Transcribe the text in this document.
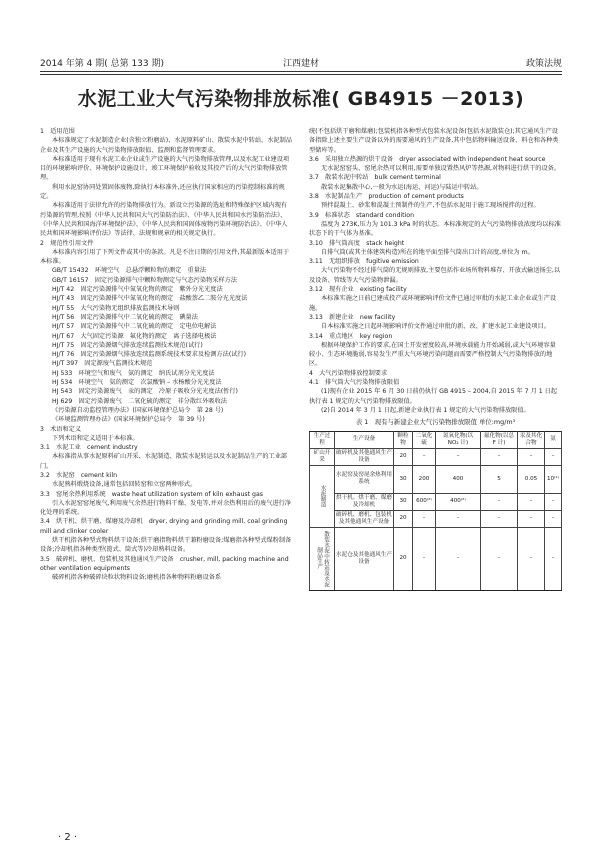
2014 年第 4 期( 总第 133 期)	江西建材	政策法规
水泥工业大气污染物排放标准( GB4915 －2013)

1　适用范围

本标准规定了水泥制造企业(含独立粉磨站)、水泥原料矿山、散装水泥中转站、水泥制品企业及其生产设施的大气污染物排放限值、监测和监督管理要求。

本标准适用于现有水泥工业企业或生产设施的大气污染物排放管理,以及水泥工业建设项目的环境影响评价、环境保护设施设计、竣工环境保护验收及其投产后的大气污染物排放管理。

利用水泥窑协同处置固体废物,除执行本标准外,还应执行国家相应的污染控制标准的规定。

本标准适用于法律允许的污染物排放行为。新设立污染源的选址和特殊保护区域内现有污染源的管理,按照《中华人民共和国大气污染防治法》、《中华人民共和国水污染防治法》、《中华人民共和国海洋环境保护法》、《中华人民共和国固体废物污染环境防治法》、《中华人民共和国环境影响评价法》等法律、法规和规章的相关规定执行。

2　规范性引用文件

本标准内容引用了下列文件或其中的条款。凡是不注日期的引用文件,其最新版本适用于本标准。

GB/T 15432　环境空气　总悬浮颗粒物的测定　重量法

GB/T 16157　固定污染源排气中颗粒物测定与气态污染物采样方法

HJ/T 42　固定污染源排气中氮氧化物的测定　紫外分光光度法

HJ/T 43　固定污染源排气中氮氧化物的测定　盐酸萘乙二胺分光光度法

HJ/T 55　大气污染物无组织排放监测技术导则

HJ/T 56　固定污染源排气中二氧化硫的测定　碘量法

HJ/T 57　固定污染源排气中二氧化硫的测定　定电位电解法

HJ/T 67　大气固定污染源　氟化物的测定　离子选择电极法

HJ/T 75　固定污染源烟气排放连续监测技术规范(试行)

HJ/T 76　固定污染源烟气排放连续监测系统技术要求及检测方法(试行)

HJ/T 397　固定源废气监测技术规范

HJ 533　环境空气和废气　氨的测定　纳氏试剂分光光度法

HJ 534　环境空气　氨的测定　次氯酸钠 – 水杨酸分光光度法

HJ 543　固定污染源废气　汞的测定　冷原子吸收分光光度法(暂行)

HJ 629　固定污染源废气　二氧化硫的测定　非分散红外吸收法

《污染源自动监控管理办法》(国家环境保护总局令　第 28 号)

《环境监测管理办法》(国家环境保护总局令　第 39 号)

3　术语和定义

下列术语和定义适用于本标准。

3.1　水泥工业　cement industry

本标准指从事水泥原料矿山开采、水泥制造、散装水泥转运以及水泥制品生产的工业部门。

3.2　水泥窑　cement kiln

水泥熟料煅烧设备,通常包括回转窑和立窑两种形式。

3.3　窑尾余热利用系统　waste heat utilization system of kiln exhaust gas

引入水泥窑窑尾废气,利用废气余热进行物料干燥、发电等,并对余热利用后的废气进行净化处理的系统。

3.4　烘干机、烘干磨、煤磨及冷却机　dryer, drying and grinding mill, coal grinding mill and clinker cooler

烘干机指各种型式物料烘干设备;烘干磨指物料烘干兼粉磨设备;煤磨指各种型式煤粉制备设备;冷却机指各种类型(篦式、筒式等)冷却熟料设备。

3.5　破碎机、磨机、包装机及其他通风生产设备　crusher, mill, packing machine and other ventilation equipments

破碎机指各种破碎块粒状物料设备;磨机指各种物料粉磨设备系

统(不包括烘干磨和煤磨);包装机指各种型式包装水泥设备(包括水泥散装仓);其它通风生产设备指除上述主要生产设备以外的需要通风的生产设备,其中包括物料输送设备、料仓和各种类型储库等。

3.6　采用独立热源的烘干设备　dryer associated with independent heat source

无水泥窑窑头、窑尾余热可以利用,需要单独设置热风炉等热源,对物料进行烘干的设备。

3.7　散装水泥中转站　bulk cement terminal

散装水泥集散中心,一般为水运(海运、河运)与陆运中转站。

3.8　水泥制品生产　production of cement products

预拌混凝土、砂浆和混凝土预制件的生产,不包括水泥用于施工现场搅拌的过程。

3.9　标准状态　standard condition

温度为 273K,压力为 101.3 kPa 时的状态。本标准规定的大气污染物排放浓度均以标准状态下的干气体为基准。

3.10　排气筒高度　stack height

自排气筒(或其主体建筑构造)所在的地平面至排气筒出口计的高度,单位为 m。

3.11　无组织排放　fugitive emission

大气污染物不经过排气筒的无规则排放,主要包括作业场所物料堆存、开放式输送扬尘,以及设备、管线等大气污染物泄漏。

3.12　现有企业　existing facility

本标准实施之日前已建成投产或环境影响评价文件已通过审批的水泥工业企业或生产设施。

3.13　新建企业　new facility

自本标准实施之日起环境影响评价文件通过审批的新、改、扩建水泥工业建设项目。

3.14　重点地区　key region

根据环境保护工作的要求,在国土开发密度较高,环境承载能力开始减弱,或大气环境容量较小、生态环境脆弱,容易发生严重大气环境污染问题而需要严格控制大气污染物排放的地区。

4　大气污染物排放控制要求

4.1　排气筒大气污染物排放限值

(1)现有企业 2015 年 6 月 30 日前仍执行 GB 4915 – 2004,自 2015 年 7 月 1 日起执行表 1 规定的大气污染物排放限值。

(2)自 2014 年 3 月 1 日起,新建企业执行表 1 规定的大气污染物排放限值。

表 1　现有与新建企业大气污染物排放限值 单位:mg/m³

生产过程	生产设备	颗粒物	二氧化硫	氮氧化物(以 NO₂ 计)	氟化物(以总 F 计)	汞及其化合物	氨
矿山开采	破碎机及其他通风生产设备	20	–	–	–	–	–
水泥制造	水泥窑及窑尾余热利用系统	30	200	400	5	0.05	10⁽¹⁾
	烘干机、烘干磨、煤磨及冷却机	30	600⁽²⁾	400⁽²⁾	–	–	–
	破碎机、磨机、包装机及其他通风生产设备	20	–	–	–	–	–
散装水泥中转站及水泥制品生产	水泥仓及其他通风生产设备	20	–	–	–	–	–
· 2 ·
